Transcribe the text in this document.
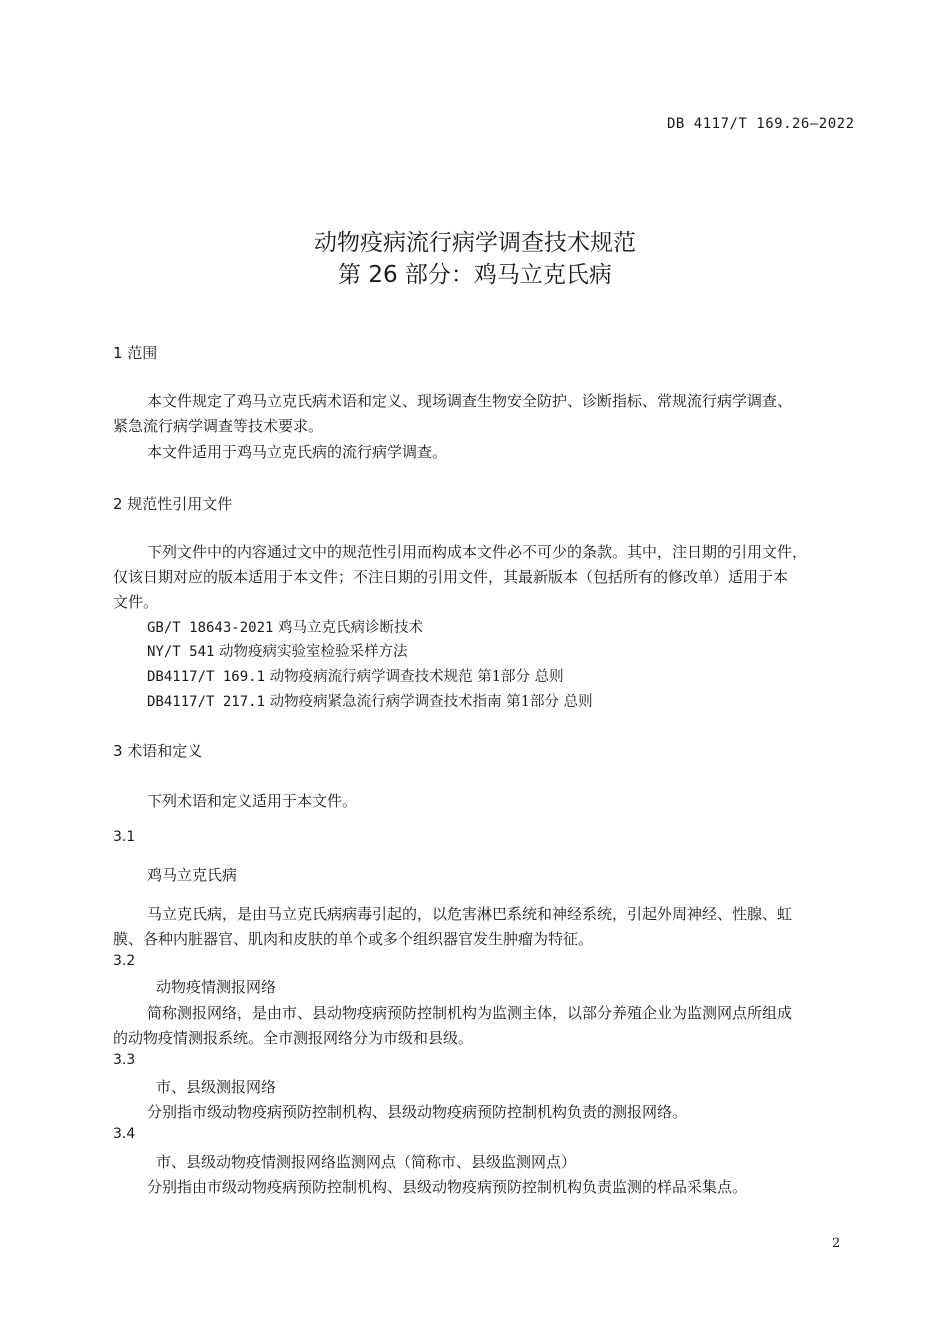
DB 4117/T 169.26—2022
动物疫病流行病学调查技术规范
第 26 部分：鸡马立克氏病
1 范围
本文件规定了鸡马立克氏病术语和定义、现场调查生物安全防护、诊断指标、常规流行病学调查、
紧急流行病学调查等技术要求。
本文件适用于鸡马立克氏病的流行病学调查。
2 规范性引用文件
下列文件中的内容通过文中的规范性引用而构成本文件必不可少的条款。其中，注日期的引用文件，
仅该日期对应的版本适用于本文件；不注日期的引用文件，其最新版本（包括所有的修改单）适用于本
文件。
GB/T 18643-2021 鸡马立克氏病诊断技术
NY/T 541 动物疫病实验室检验采样方法
DB4117/T 169.1 动物疫病流行病学调查技术规范 第1部分 总则
DB4117/T 217.1 动物疫病紧急流行病学调查技术指南 第1部分 总则
3 术语和定义
下列术语和定义适用于本文件。
3.1
鸡马立克氏病
马立克氏病，是由马立克氏病病毒引起的，以危害淋巴系统和神经系统，引起外周神经、性腺、虹
膜、各种内脏器官、肌肉和皮肤的单个或多个组织器官发生肿瘤为特征。
3.2
动物疫情测报网络
简称测报网络，是由市、县动物疫病预防控制机构为监测主体，以部分养殖企业为监测网点所组成
的动物疫情测报系统。全市测报网络分为市级和县级。
3.3
市、县级测报网络
分别指市级动物疫病预防控制机构、县级动物疫病预防控制机构负责的测报网络。
3.4
市、县级动物疫情测报网络监测网点（简称市、县级监测网点）
分别指由市级动物疫病预防控制机构、县级动物疫病预防控制机构负责监测的样品采集点。
2
